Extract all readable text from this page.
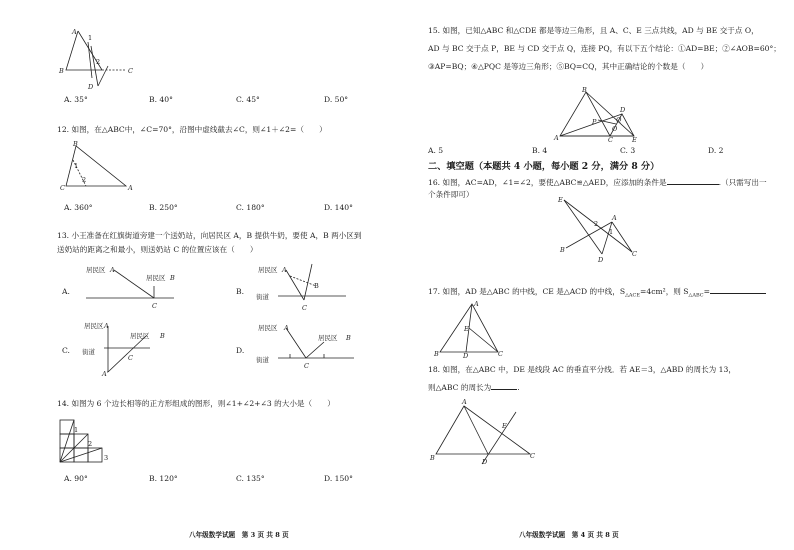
A
B	C
D
1
2
A. 35°	B. 40°	C. 45°	D. 50°
12. 如图，在△ABC中，∠C=70°，沿图中虚线截去∠C，则∠1＋∠2=（　　）
B
C	A
1
2
A. 360°	B. 250°	C. 180°	D. 140°
13. 小王准备在红旗街道旁建一个送奶站，向居民区 A，B 提供牛奶，要使 A，B 两小区到
送奶站的距离之和最小，则送奶站 C 的位置应该在（　　）
A.
居民区 A
居民区 B
C
B.
居民区 A
B
街道
C
C.
居民区 A
居民区 B
街道
C
A'
D.
居民区 A
居民区 B
街道
C
14. 如图为 6 个边长相等的正方形组成的图形，则∠1+∠2+∠3 的大小是（　　）
1
2
3
A. 90°	B. 120°	C. 135°	D. 150°
八年级数学试题　第 3 页 共 8 页
15. 如图，已知△ABC 和△CDE 都是等边三角形，且 A、C、E 三点共线，AD 与 BE 交于点 O，
AD 与 BC 交于点 P，BE 与 CD 交于点 Q，连接 PQ，有以下五个结论：①AD=BE；②∠AOB=60°；
③AP=BQ；④△PQC 是等边三角形；⑤BQ=CQ，其中正确结论的个数是（　　）
B
D
A	C	E
P	Q
O
A. 5	B. 4	C. 3	D. 2
二、填空题（本题共 4 小题，每小题 2 分，满分 8 分）
16. 如图，AC=AD，∠1=∠2，要使△ABC≌△AED，应添加的条件是	.（只需写出一
个条件即可）
E
A
B
D
C
2
1
17. 如图，AD 是△ABC 的中线，CE 是△ACD 的中线，$S_{\triangle ACE}=4cm^2$，则 $S_{\triangle ABC}=$
A
E
B	D	C
18. 如图，在△ABC 中，DE 是线段 AC 的垂直平分线．若 AE＝3，△ABD 的周长为 13，
则△ABC 的周长为	.
A
B	C
D
E
八年级数学试题　第 4 页 共 8 页
